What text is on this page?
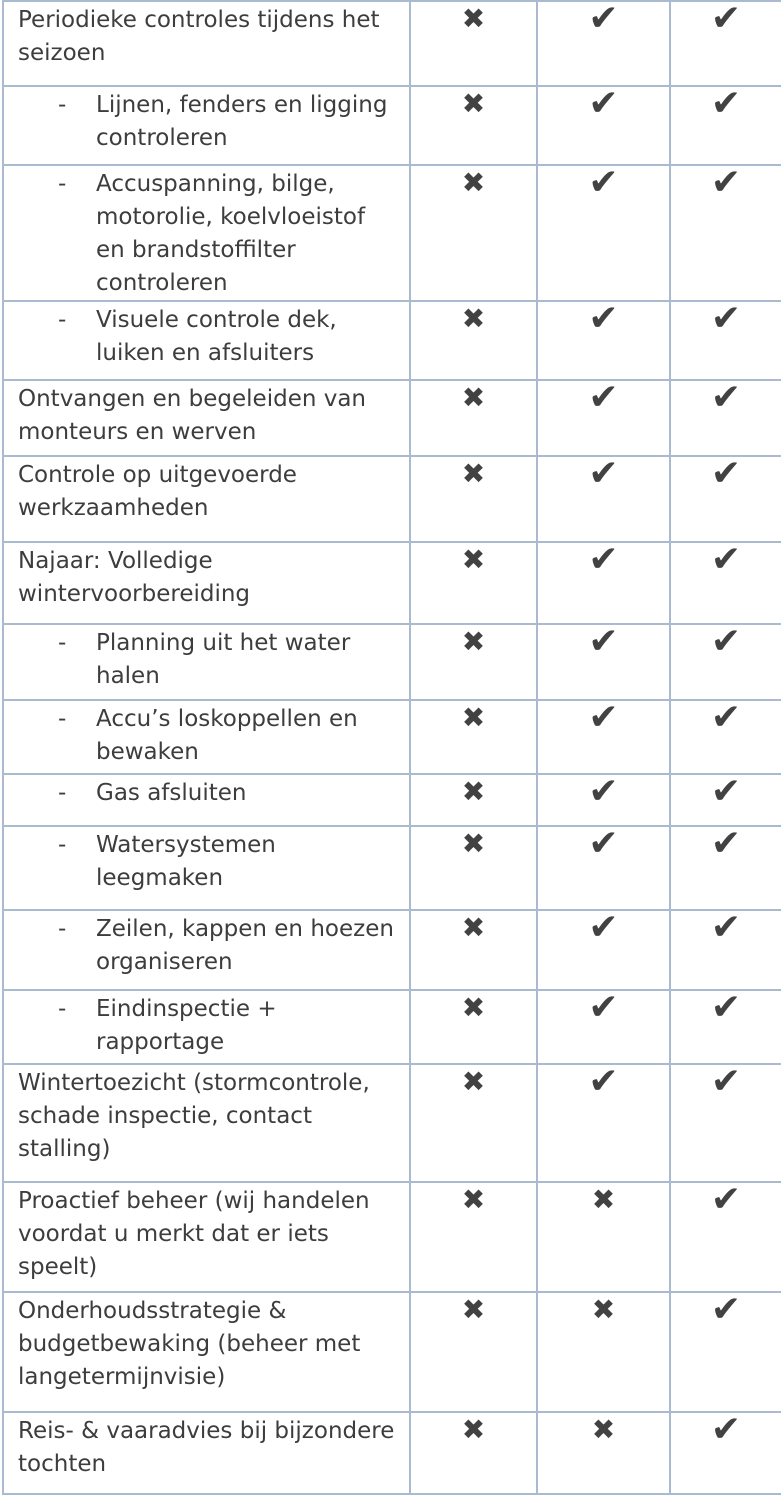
Periodieke controles tijdens het seizoen	✖	✔	✔

- Lijnen, fenders en ligging controleren	✖	✔	✔

- Accuspanning, bilge, motorolie, koelvloeistof en brandstoffilter controleren	✖	✔	✔

- Visuele controle dek, luiken en afsluiters	✖	✔	✔
Ontvangen en begeleiden van monteurs en werven	✖	✔	✔
Controle op uitgevoerde werkzaamheden	✖	✔	✔
Najaar: Volledige wintervoorbereiding	✖	✔	✔

- Planning uit het water halen	✖	✔	✔

- Accu’s loskoppellen en bewaken	✖	✔	✔

- Gas afsluiten	✖	✔	✔

- Watersystemen leegmaken	✖	✔	✔

- Zeilen, kappen en hoezen organiseren	✖	✔	✔

- Eindinspectie + rapportage	✖	✔	✔
Wintertoezicht (stormcontrole, schade inspectie, contact stalling)	✖	✔	✔
Proactief beheer (wij handelen voordat u merkt dat er iets speelt)	✖	✖	✔
Onderhoudsstrategie & budgetbewaking (beheer met langetermijnvisie)	✖	✖	✔
Reis- & vaaradvies bij bijzondere tochten	✖	✖	✔
